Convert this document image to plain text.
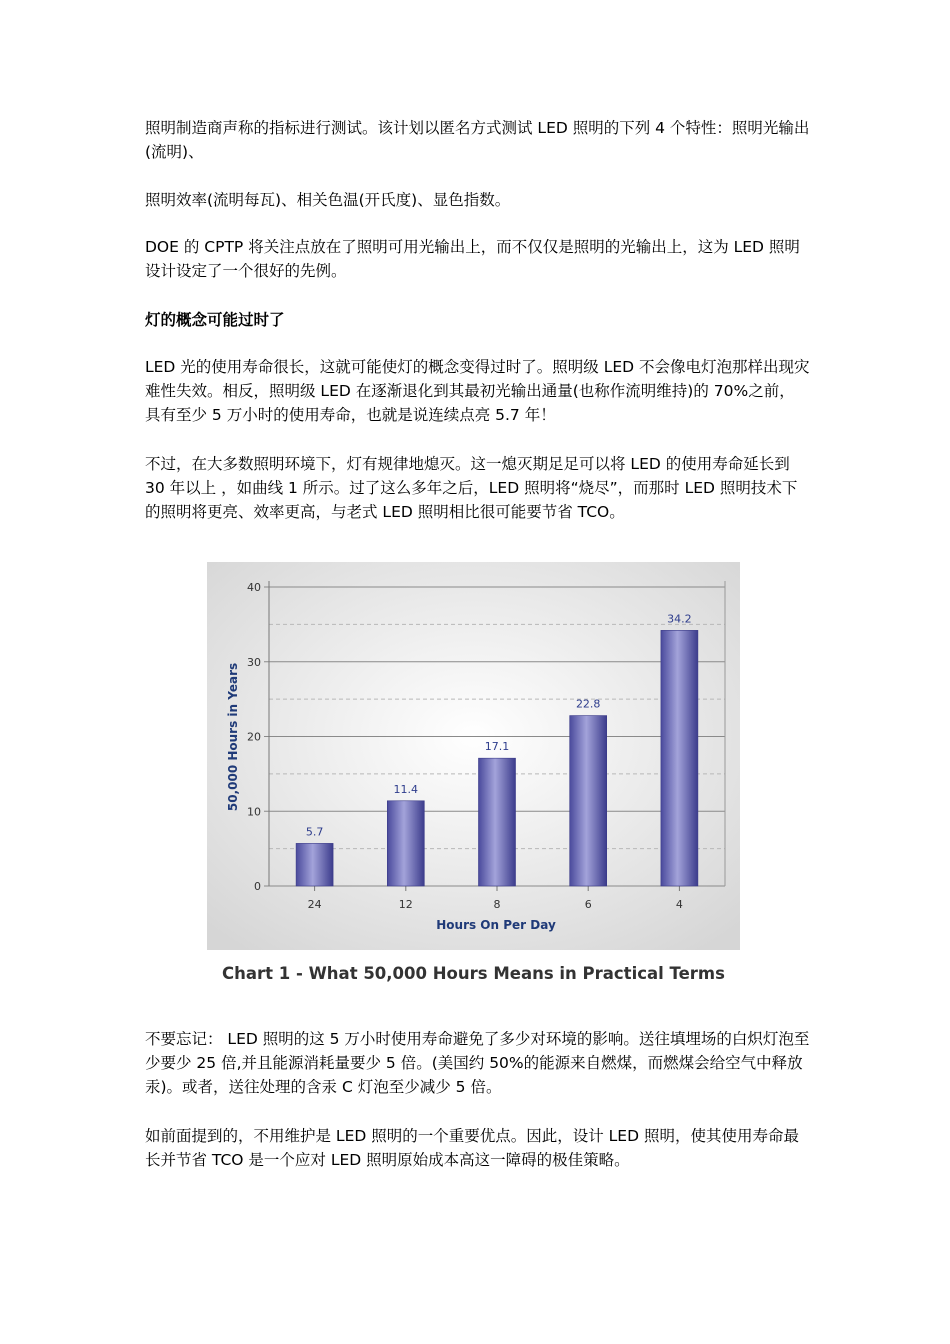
照明制造商声称的指标进行测试。该计划以匿名方式测试 LED 照明的下列 4 个特性：照明光输出(流明)、

照明效率(流明每瓦)、相关色温(开氏度)、显色指数。

DOE 的 CPTP 将关注点放在了照明可用光输出上，而不仅仅是照明的光输出上，这为 LED 照明设计设定了一个很好的先例。

灯的概念可能过时了

LED 光的使用寿命很长，这就可能使灯的概念变得过时了。照明级 LED 不会像电灯泡那样出现灾难性失效。相反，照明级 LED 在逐渐退化到其最初光输出通量(也称作流明维持)的 70%之前，具有至少 5 万小时的使用寿命，也就是说连续点亮 5.7 年！

不过，在大多数照明环境下，灯有规律地熄灭。这一熄灭期足足可以将 LED 的使用寿命延长到 30 年以上 ，如曲线 1 所示。过了这么多年之后，LED 照明将“烧尽”，而那时 LED 照明技术下的照明将更亮、效率更高，与老式 LED 照明相比很可能要节省 TCO。

0
10
20
30
40
5.7
24
11.4
12
17.1
8
22.8
6
34.2
4
Hours On Per Day
50,000 Hours in Years

Chart 1 - What 50,000 Hours Means in Practical Terms

不要忘记： LED 照明的这 5 万小时使用寿命避免了多少对环境的影响。送往填埋场的白炽灯泡至少要少 25 倍,并且能源消耗量要少 5 倍。(美国约 50%的能源来自燃煤，而燃煤会给空气中释放汞)。或者，送往处理的含汞 C 灯泡至少减少 5 倍。

如前面提到的，不用维护是 LED 照明的一个重要优点。因此，设计 LED 照明，使其使用寿命最长并节省 TCO 是一个应对 LED 照明原始成本高这一障碍的极佳策略。
